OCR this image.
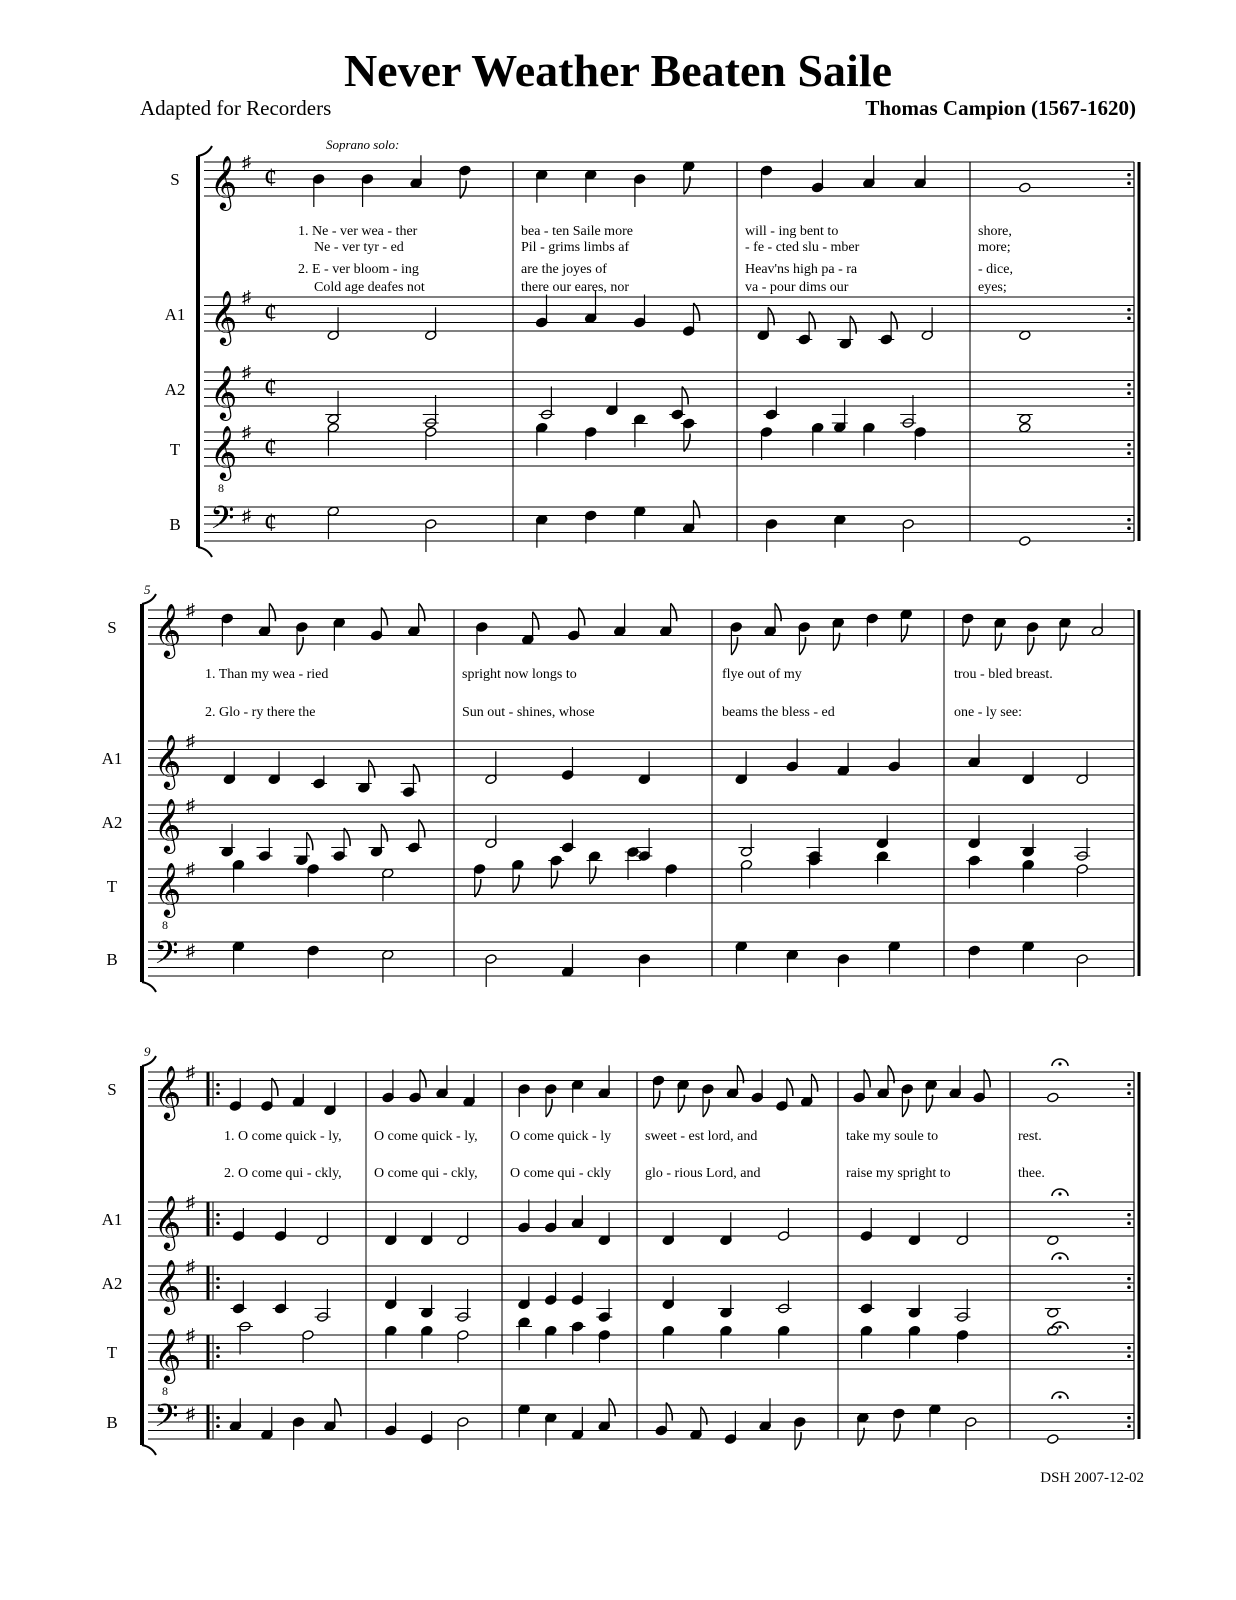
Never Weather Beaten Saile
Adapted for Recorders	Thomas Campion (1567-1620)
𝄞 ♯
¢
𝄞 ♯
¢
𝄞 ♯
¢
𝄞
8
♯
¢
𝄢 ♯ ¢
𝄞 ♯
𝄞 ♯
𝄞 ♯
𝄞
8
♯
𝄢 ♯
𝄞 ♯
𝄞 ♯
𝄞 ♯
𝄞
8
♯
𝄢 ♯
S
A1
A2
T
B
S
A1
A2
T
B
5
S
A1
A2
T
B
9
Soprano solo:
1. Ne - ver wea - ther	bea - ten Saile more	will - ing bent to	shore,
Ne - ver tyr - ed	Pil - grims limbs af	- fe - cted slu - mber	more;
2. E - ver bloom - ing	are the joyes of	Heav'ns high pa - ra	- dice,
Cold age deafes not	there our eares, nor	va - pour dims our	eyes;
1. Than my wea - ried	spright now longs to	flye out of my	trou - bled breast.
2. Glo - ry there the	Sun out - shines, whose	beams the bless - ed	one - ly see:
1. O come quick - ly, O come quick - ly, O come quick - ly sweet - est lord, and	take my soule to	rest.
2. O come qui - ckly, O come qui - ckly, O come qui - ckly glo - rious Lord, and	raise my spright to	thee.
DSH 2007-12-02
